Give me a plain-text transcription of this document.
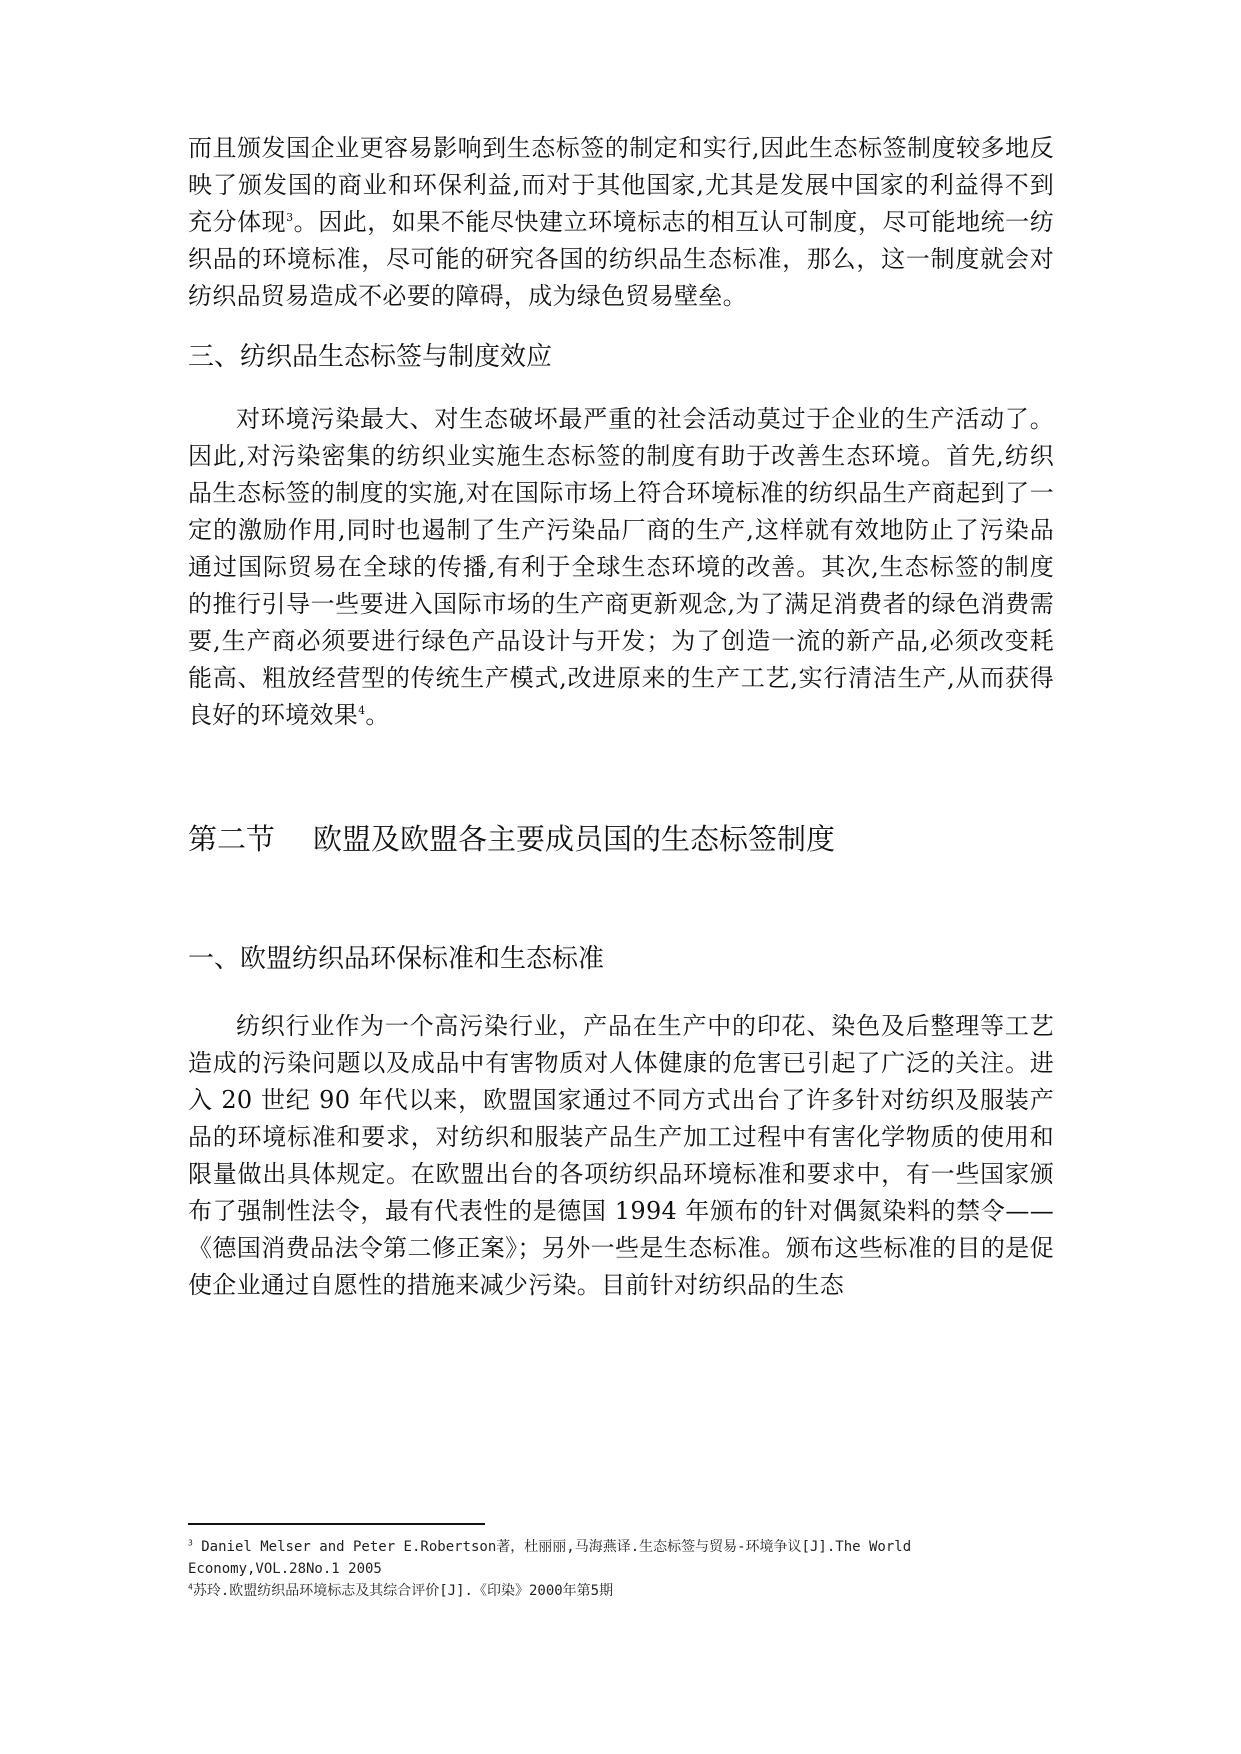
而且颁发国企业更容易影响到生态标签的制定和实行,因此生态标签制度较多地反映了颁发国的商业和环保利益,而对于其他国家,尤其是发展中国家的利益得不到充分体现$^3$。因此，如果不能尽快建立环境标志的相互认可制度，尽可能地统一纺织品的环境标准，尽可能的研究各国的纺织品生态标准，那么，这一制度就会对纺织品贸易造成不必要的障碍，成为绿色贸易壁垒。

三、纺织品生态标签与制度效应

对环境污染最大、对生态破坏最严重的社会活动莫过于企业的生产活动了。因此,对污染密集的纺织业实施生态标签的制度有助于改善生态环境。首先,纺织品生态标签的制度的实施,对在国际市场上符合环境标准的纺织品生产商起到了一定的激励作用,同时也遏制了生产污染品厂商的生产,这样就有效地防止了污染品通过国际贸易在全球的传播,有利于全球生态环境的改善。其次,生态标签的制度的推行引导一些要进入国际市场的生产商更新观念,为了满足消费者的绿色消费需要,生产商必须要进行绿色产品设计与开发；为了创造一流的新产品,必须改变耗能高、粗放经营型的传统生产模式,改进原来的生产工艺,实行清洁生产,从而获得良好的环境效果$^4$。

第二节 欧盟及欧盟各主要成员国的生态标签制度
一、欧盟纺织品环保标准和生态标准

纺织行业作为一个高污染行业，产品在生产中的印花、染色及后整理等工艺造成的污染问题以及成品中有害物质对人体健康的危害已引起了广泛的关注。进入 20 世纪 90 年代以来，欧盟国家通过不同方式出台了许多针对纺织及服装产品的环境标准和要求，对纺织和服装产品生产加工过程中有害化学物质的使用和限量做出具体规定。在欧盟出台的各项纺织品环境标准和要求中，有一些国家颁布了强制性法令，最有代表性的是德国 1994 年颁布的针对偶氮染料的禁令——《德国消费品法令第二修正案》；另外一些是生态标准。颁布这些标准的目的是促使企业通过自愿性的措施来减少污染。目前针对纺织品的生态

$^3$ Daniel Melser and Peter E.Robertson著，杜丽丽,马海燕译.生态标签与贸易-环境争议[J].The World Economy,VOL.28No.1 2005

$^4$苏玲.欧盟纺织品环境标志及其综合评价[J].《印染》2000年第5期
